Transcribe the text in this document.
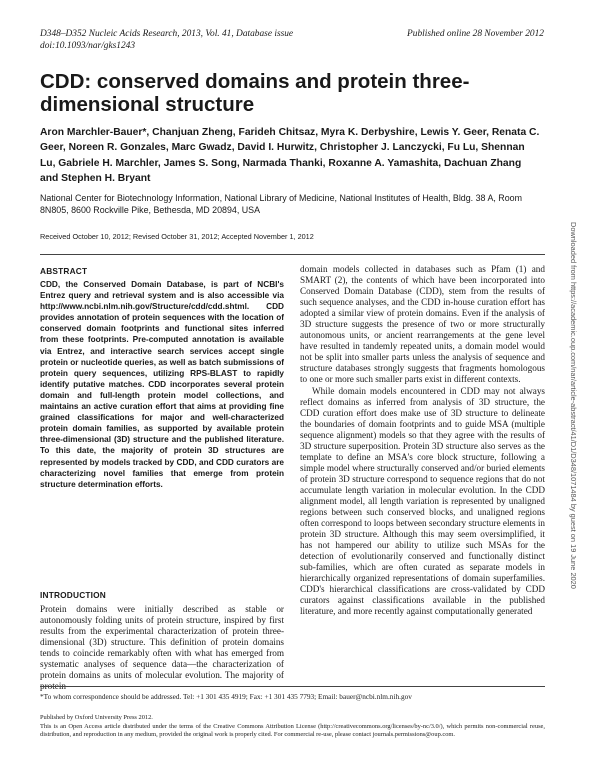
D348–D352 Nucleic Acids Research, 2013, Vol. 41, Database issue
doi:10.1093/nar/gks1243
Published online 28 November 2012
CDD: conserved domains and protein three-dimensional structure
Aron Marchler-Bauer*, Chanjuan Zheng, Farideh Chitsaz, Myra K. Derbyshire, Lewis Y. Geer, Renata C. Geer, Noreen R. Gonzales, Marc Gwadz, David I. Hurwitz, Christopher J. Lanczycki, Fu Lu, Shennan Lu, Gabriele H. Marchler, James S. Song, Narmada Thanki, Roxanne A. Yamashita, Dachuan Zhang and Stephen H. Bryant
National Center for Biotechnology Information, National Library of Medicine, National Institutes of Health, Bldg. 38 A, Room 8N805, 8600 Rockville Pike, Bethesda, MD 20894, USA
Received October 10, 2012; Revised October 31, 2012; Accepted November 1, 2012
ABSTRACT
CDD, the Conserved Domain Database, is part of NCBI's Entrez query and retrieval system and is also accessible via http://www.ncbi.nlm.nih.gov/Structure/cdd/cdd.shtml. CDD provides annotation of protein sequences with the location of conserved domain footprints and functional sites inferred from these footprints. Pre-computed annotation is available via Entrez, and interactive search services accept single protein or nucleotide queries, as well as batch submissions of protein query sequences, utilizing RPS-BLAST to rapidly identify putative matches. CDD incorporates several protein domain and full-length protein model collections, and maintains an active curation effort that aims at providing fine grained classifications for major and well-characterized protein domain families, as supported by available protein three-dimensional (3D) structure and the published literature. To this date, the majority of protein 3D structures are represented by models tracked by CDD, and CDD curators are characterizing novel families that emerge from protein structure determination efforts.
INTRODUCTION
Protein domains were initially described as stable or autonomously folding units of protein structure, inspired by first results from the experimental characterization of protein three-dimensional (3D) structure. This definition of protein domains tends to coincide remarkably often with what has emerged from systematic analyses of sequence data—the characterization of protein domains as units of molecular evolution. The majority of protein

domain models collected in databases such as Pfam (1) and SMART (2), the contents of which have been incorporated into Conserved Domain Database (CDD), stem from the results of such sequence analyses, and the CDD in-house curation effort has adopted a similar view of protein domains. Even if the analysis of 3D structure suggests the presence of two or more structurally autonomous units, or ancient rearrangements at the gene level have resulted in tandemly repeated units, a domain model would not be split into smaller parts unless the analysis of sequence and structure databases strongly suggests that fragments homologous to one or more such smaller parts exist in different contexts.

While domain models encountered in CDD may not always reflect domains as inferred from analysis of 3D structure, the CDD curation effort does make use of 3D structure to delineate the boundaries of domain footprints and to guide MSA (multiple sequence alignment) models so that they agree with the results of 3D structure superposition. Protein 3D structure also serves as the template to define an MSA's core block structure, following a simple model where structurally conserved and/or buried elements of protein 3D structure correspond to sequence regions that do not accumulate length variation in molecular evolution. In the CDD alignment model, all length variation is represented by unaligned regions between such conserved blocks, and unaligned regions often correspond to loops between secondary structure elements in protein 3D structure. Although this may seem oversimplified, it has not hampered our ability to utilize such MSAs for the detection of evolutionarily conserved and functionally distinct sub-families, which are often curated as separate models in hierarchically organized representations of domain superfamilies. CDD's hierarchical classifications are cross-validated by CDD curators against classifications available in the published literature, and more recently against computationally generated

*To whom correspondence should be addressed. Tel: +1 301 435 4919; Fax: +1 301 435 7793; Email: bauer@ncbi.nlm.nih.gov
Published by Oxford University Press 2012.
This is an Open Access article distributed under the terms of the Creative Commons Attribution License (http://creativecommons.org/licenses/by-nc/3.0/), which permits non-commercial reuse, distribution, and reproduction in any medium, provided the original work is properly cited. For commercial re-use, please contact journals.permissions@oup.com.
Downloaded from https://academic.oup.com/nar/article-abstract/41/D1/D348/1071484 by guest on 19 June 2020
